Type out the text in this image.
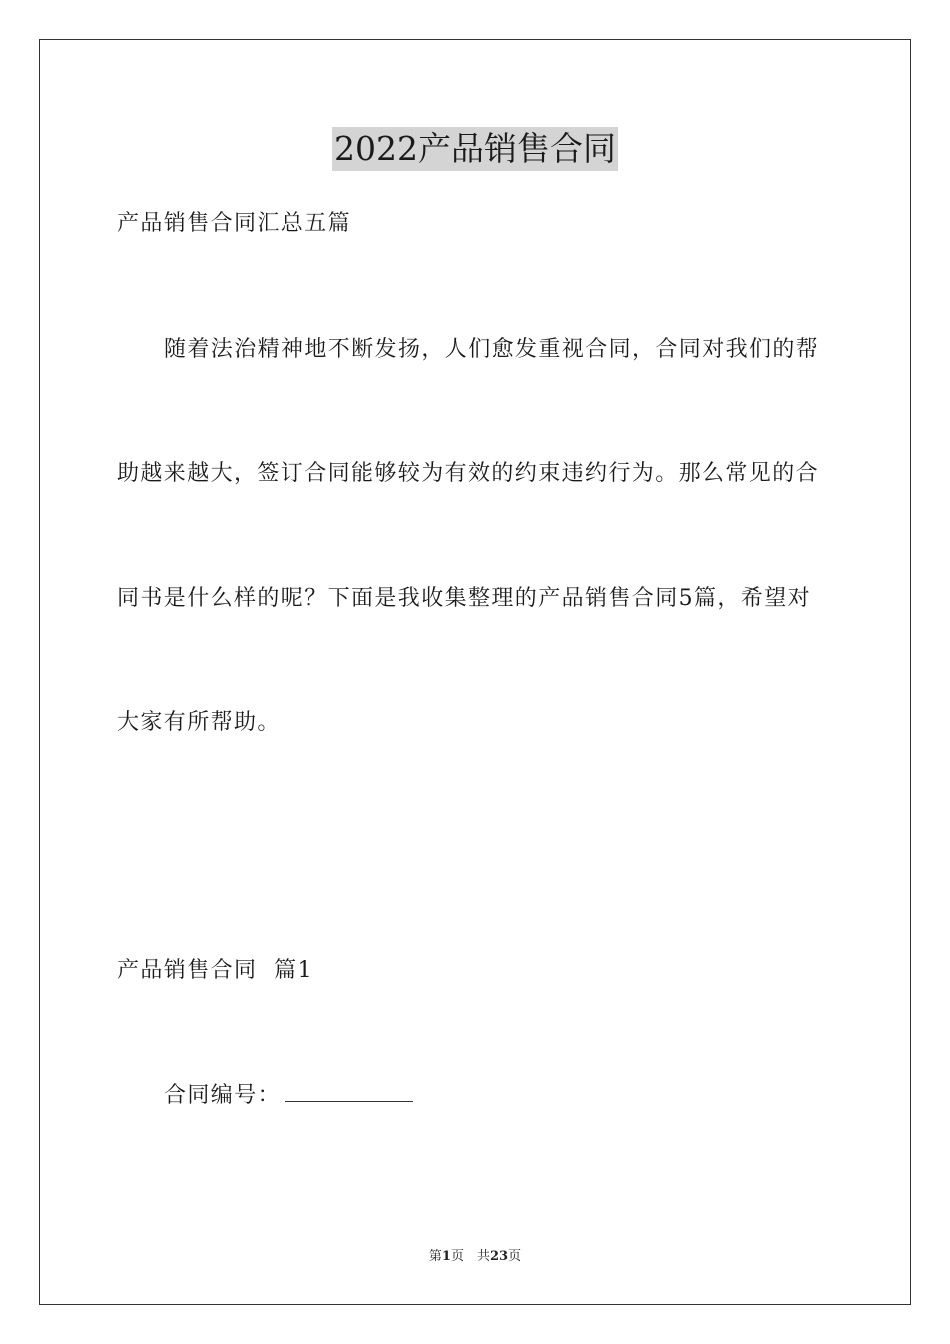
2022产品销售合同
产品销售合同汇总五篇
随着法治精神地不断发扬，人们愈发重视合同，合同对我们的帮
助越来越大，签订合同能够较为有效的约束违约行为。那么常见的合
同书是什么样的呢？下面是我收集整理的产品销售合同5篇，希望对
大家有所帮助。
产品销售合同  篇1
合同编号：
第1页　共23页
